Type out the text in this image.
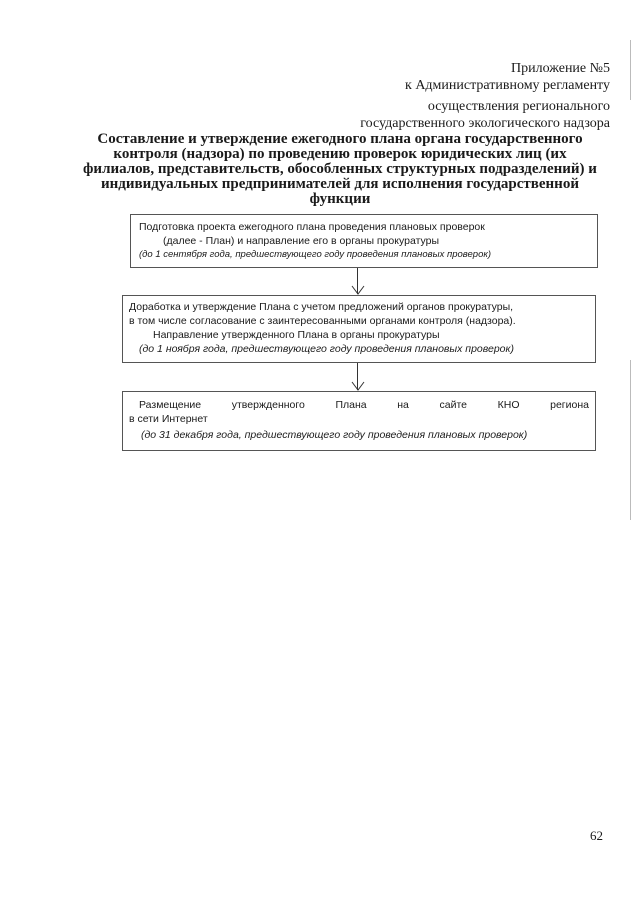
Приложение №5
к Административному регламенту
осуществления регионального
государственного экологического надзора
Составление и утверждение ежегодного плана органа государственного
контроля (надзора) по проведению проверок юридических лиц (их
филиалов, представительств, обособленных структурных подразделений) и
индивидуальных предпринимателей для исполнения государственной
функции
Подготовка проекта ежегодного плана проведения плановых проверок
(далее - План) и направление его в органы прокуратуры
(до 1 сентября года, предшествующего году проведения плановых проверок)
Доработка и утверждение Плана с учетом предложений органов прокуратуры,
в том числе согласование с заинтересованными органами контроля (надзора).
Направление утвержденного Плана в органы прокуратуры
(до 1 ноября года, предшествующего году проведения плановых проверок)
Размещение	утвержденного	Плана	на	сайте	КНО	региона
в сети Интернет
(до 31 декабря года, предшествующего году проведения плановых проверок)
62
